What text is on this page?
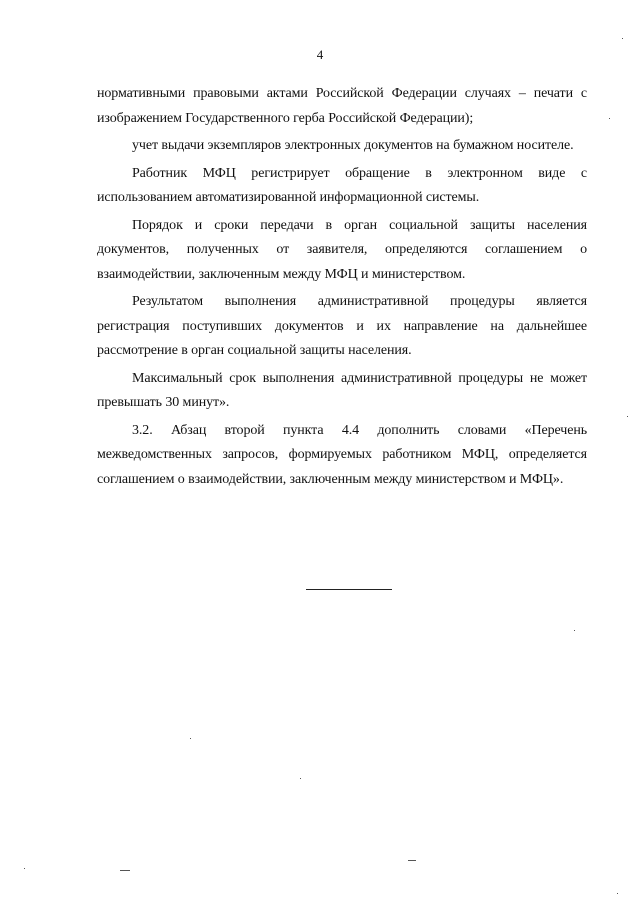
4

нормативными правовыми актами Российской Федерации случаях – печати с изображением Государственного герба Российской Федерации);

учет выдачи экземпляров электронных документов на бумажном носителе.

Работник МФЦ регистрирует обращение в электронном виде с использованием автоматизированной информационной системы.

Порядок и сроки передачи в орган социальной защиты населения документов, полученных от заявителя, определяются соглашением о взаимодействии, заключенным между МФЦ и министерством.

Результатом выполнения административной процедуры является регистрация поступивших документов и их направление на дальнейшее рассмотрение в орган социальной защиты населения.

Максимальный срок выполнения административной процедуры не может превышать 30 минут».

3.2. Абзац второй пункта 4.4 дополнить словами «Перечень межведомственных запросов, формируемых работником МФЦ, определяется соглашением о взаимодействии, заключенным между министерством и МФЦ».
